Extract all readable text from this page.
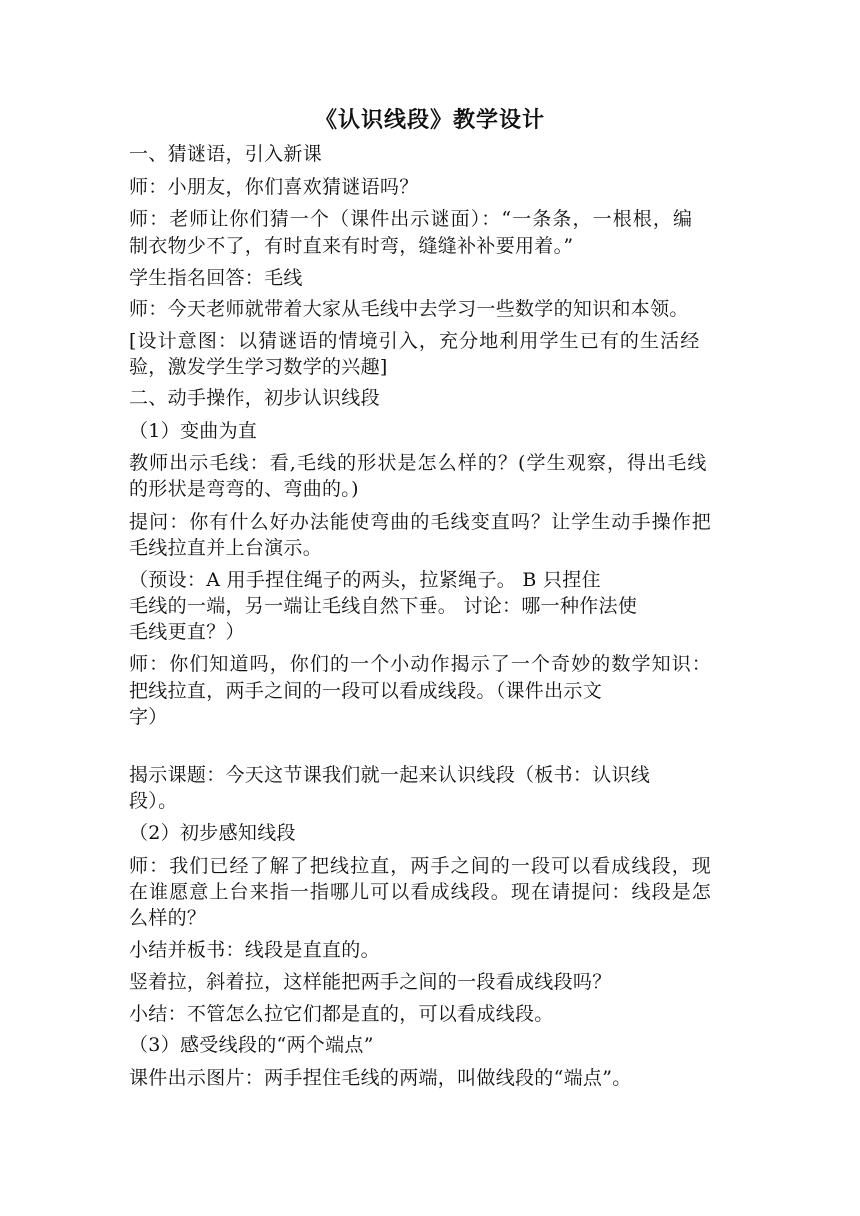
《认识线段》教学设计
一、猜谜语，引入新课
师：小朋友，你们喜欢猜谜语吗？
师：老师让你们猜一个（课件出示谜面）：“一条条，一根根，编
制衣物少不了，有时直来有时弯，缝缝补补要用着。”
学生指名回答：毛线
师：今天老师就带着大家从毛线中去学习一些数学的知识和本领。
[设计意图：以猜谜语的情境引入，充分地利用学生已有的生活经
验，激发学生学习数学的兴趣]
二、动手操作，初步认识线段
（1）变曲为直
教师出示毛线：看,毛线的形状是怎么样的？(学生观察，得出毛线
的形状是弯弯的、弯曲的。)
提问：你有什么好办法能使弯曲的毛线变直吗？让学生动手操作把
毛线拉直并上台演示。
（预设：A 用手捏住绳子的两头，拉紧绳子。 B 只捏住
毛线的一端，另一端让毛线自然下垂。 讨论：哪一种作法使
毛线更直？）
师：你们知道吗，你们的一个小动作揭示了一个奇妙的数学知识：
把线拉直，两手之间的一段可以看成线段。（课件出示文
字）
揭示课题：今天这节课我们就一起来认识线段（板书：认识线
段）。
（2）初步感知线段
师：我们已经了解了把线拉直，两手之间的一段可以看成线段，现
在谁愿意上台来指一指哪儿可以看成线段。现在请提问：线段是怎
么样的？
小结并板书：线段是直直的。
竖着拉，斜着拉，这样能把两手之间的一段看成线段吗？
小结：不管怎么拉它们都是直的，可以看成线段。
（3）感受线段的“两个端点”
课件出示图片：两手捏住毛线的两端，叫做线段的“端点”。
